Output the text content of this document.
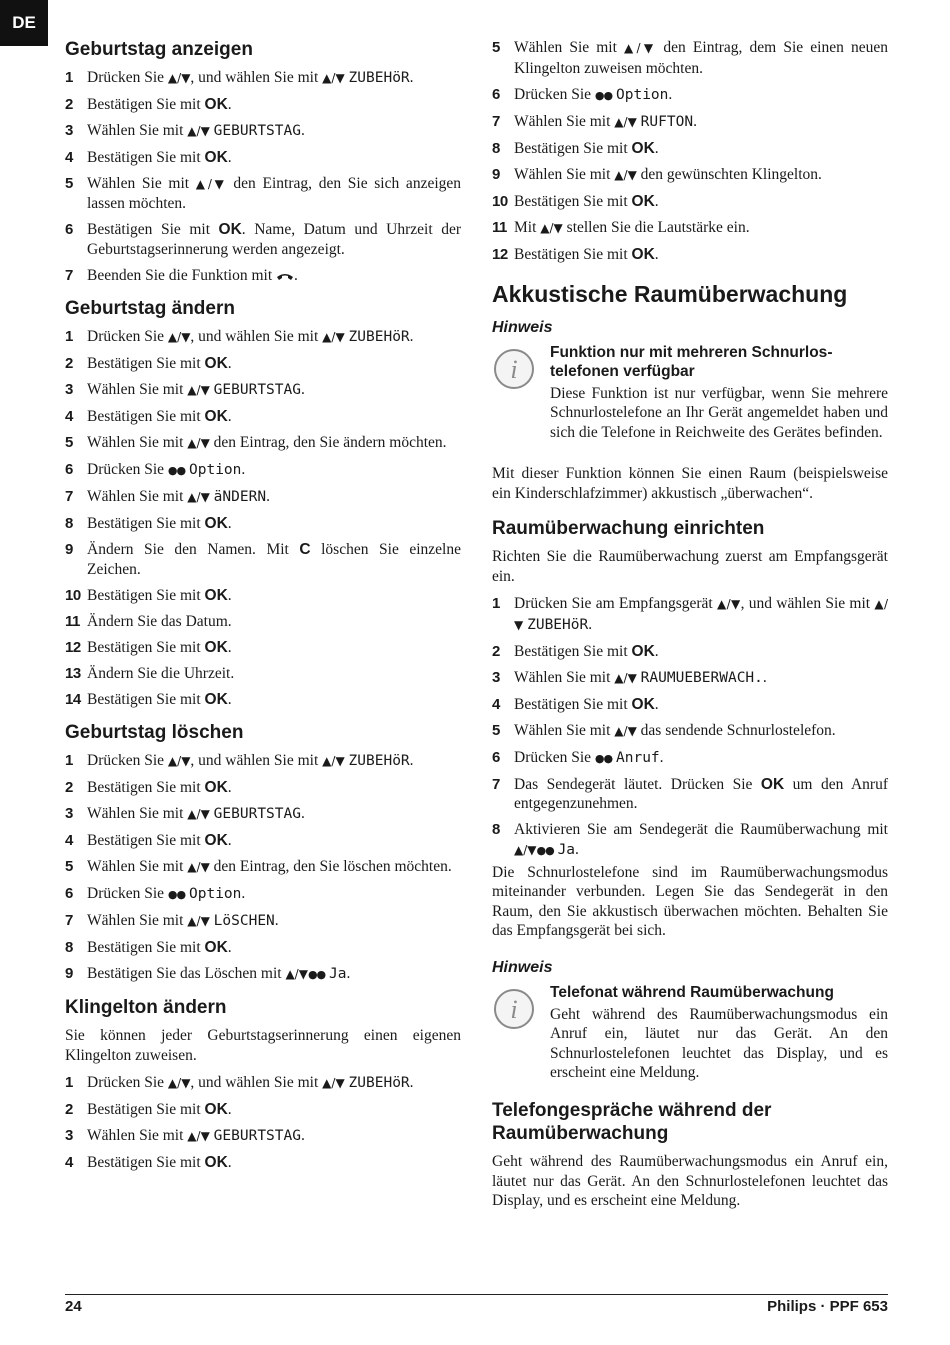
DE
Geburtstag anzeigen
1 Drücken Sie ▲/▼, und wählen Sie mit ▲/▼ ZUBEHöR.
2 Bestätigen Sie mit OK.
3 Wählen Sie mit ▲/▼ GEBURTSTAG.
4 Bestätigen Sie mit OK.
5 Wählen Sie mit ▲/▼ den Eintrag, den Sie sich anzeigen lassen möchten.
6 Bestätigen Sie mit OK. Name, Datum und Uhrzeit der Geburtstagserinnerung werden angezeigt.
7 Beenden Sie die Funktion mit .
Geburtstag ändern
1 Drücken Sie ▲/▼, und wählen Sie mit ▲/▼ ZUBEHöR.
2 Bestätigen Sie mit OK.
3 Wählen Sie mit ▲/▼ GEBURTSTAG.
4 Bestätigen Sie mit OK.
5 Wählen Sie mit ▲/▼ den Eintrag, den Sie ändern möchten.
6 Drücken Sie ●● Option.
7 Wählen Sie mit ▲/▼ äNDERN.
8 Bestätigen Sie mit OK.
9 Ändern Sie den Namen. Mit C löschen Sie einzelne Zeichen.
10 Bestätigen Sie mit OK.
11 Ändern Sie das Datum.
12 Bestätigen Sie mit OK.
13 Ändern Sie die Uhrzeit.
14 Bestätigen Sie mit OK.
Geburtstag löschen
1 Drücken Sie ▲/▼, und wählen Sie mit ▲/▼ ZUBEHöR.
2 Bestätigen Sie mit OK.
3 Wählen Sie mit ▲/▼ GEBURTSTAG.
4 Bestätigen Sie mit OK.
5 Wählen Sie mit ▲/▼ den Eintrag, den Sie löschen möchten.
6 Drücken Sie ●● Option.
7 Wählen Sie mit ▲/▼ LöSCHEN.
8 Bestätigen Sie mit OK.
9 Bestätigen Sie das Löschen mit ▲/▼●● Ja.
Klingelton ändern

Sie können jeder Geburtstagserinnerung einen eigenen Klingelton zuweisen.

1 Drücken Sie ▲/▼, und wählen Sie mit ▲/▼ ZUBEHöR.
2 Bestätigen Sie mit OK.
3 Wählen Sie mit ▲/▼ GEBURTSTAG.
4 Bestätigen Sie mit OK.
5 Wählen Sie mit ▲/▼ den Eintrag, dem Sie einen neuen Klingelton zuweisen möchten.
6 Drücken Sie ●● Option.
7 Wählen Sie mit ▲/▼ RUFTON.
8 Bestätigen Sie mit OK.
9 Wählen Sie mit ▲/▼ den gewünschten Klingelton.
10 Bestätigen Sie mit OK.
11 Mit ▲/▼ stellen Sie die Lautstärke ein.
12 Bestätigen Sie mit OK.
Akkustische Raumüberwachung
Hinweis
i
Funktion nur mit mehreren Schnurlostelefonen verfügbar
Diese Funktion ist nur verfügbar, wenn Sie mehrere Schnurlostelefone an Ihr Gerät angemeldet haben und sich die Telefone in Reichweite des Gerätes befinden.

Mit dieser Funktion können Sie einen Raum (beispielsweise ein Kinderschlafzimmer) akkustisch „überwachen“.

Raumüberwachung einrichten

Richten Sie die Raumüberwachung zuerst am Empfangsgerät ein.

1 Drücken Sie am Empfangsgerät ▲/▼, und wählen Sie mit ▲/▼ ZUBEHöR.
2 Bestätigen Sie mit OK.
3 Wählen Sie mit ▲/▼ RAUMUEBERWACH..
4 Bestätigen Sie mit OK.
5 Wählen Sie mit ▲/▼ das sendende Schnurlostelefon.
6 Drücken Sie ●● Anruf.
7 Das Sendegerät läutet. Drücken Sie OK um den Anruf entgegenzunehmen.
8 Aktivieren Sie am Sendegerät die Raumüberwachung mit ▲/▼●● Ja.

Die Schnurlostelefone sind im Raumüberwachungsmodus miteinander verbunden. Legen Sie das Sendegerät in den Raum, den Sie akkustisch überwachen möchten. Behalten Sie das Empfangsgerät bei sich.

Hinweis
i
Telefonat während Raumüberwachung
Geht während des Raumüberwachungsmodus ein Anruf ein, läutet nur das Gerät. An den Schnurlostelefonen leuchtet das Display, und es erscheint eine Meldung.
Telefongespräche während der Raumüberwachung

Geht während des Raumüberwachungsmodus ein Anruf ein, läutet nur das Gerät. An den Schnurlostelefonen leuchtet das Display, und es erscheint eine Meldung.

24	Philips · PPF 653
